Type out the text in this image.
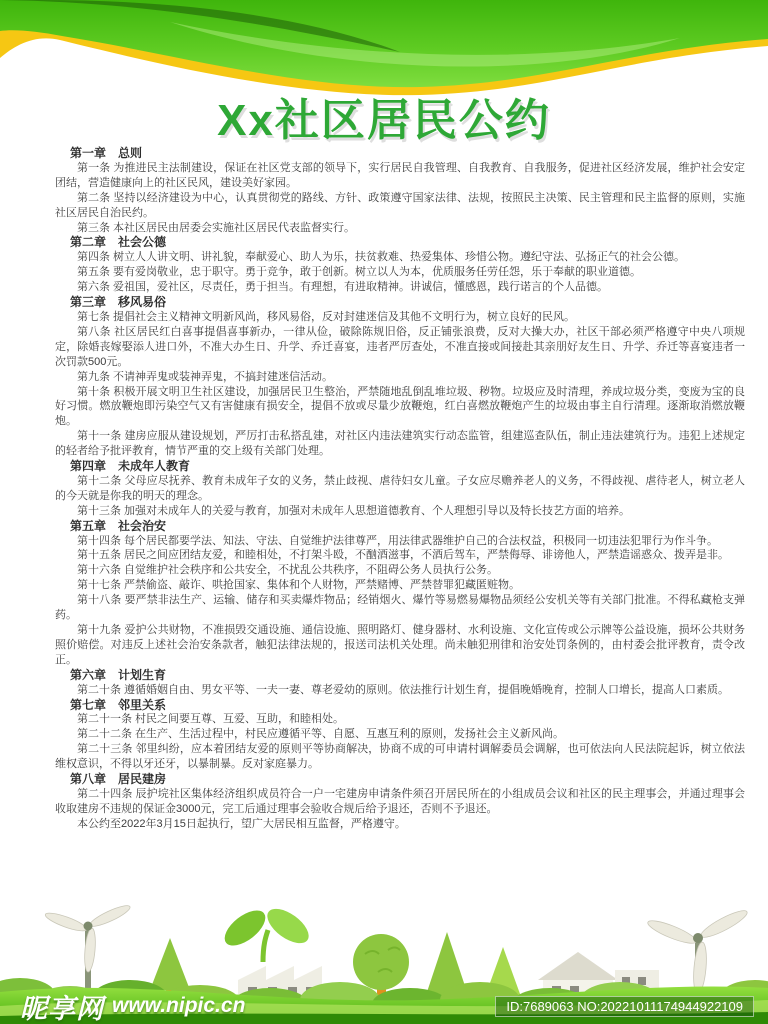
Xx社区居民公约
第一章　总则
第一条 为推进民主法制建设，保证在社区党支部的领导下，实行居民自我管理、自我教育、自我服务，促进社区经济发展，维护社会安定团结，营造健康向上的社区民风，建设美好家园。
第二条 坚持以经济建设为中心，认真贯彻党的路线、方针、政策遵守国家法律、法规，按照民主决策、民主管理和民主监督的原则，实施社区居民自治民约。
第三条 本社区居民由居委会实施社区居民代表监督实行。
第二章　社会公德
第四条 树立人人讲文明、讲礼貌，奉献爱心、助人为乐，扶贫救难、热爱集体、珍惜公物。遵纪守法、弘扬正气的社会公德。
第五条 要有爱岗敬业，忠于职守。勇于竞争，敢于创新。树立以人为本，优质服务任劳任怨，乐于奉献的职业道德。
第六条 爱祖国，爱社区，尽责任，勇于担当。有理想，有进取精神。讲诚信，懂感恩，践行诺言的个人品德。
第三章　移风易俗
第七条 提倡社会主义精神文明新风尚，移风易俗，反对封建迷信及其他不文明行为，树立良好的民风。
第八条 社区居民红白喜事提倡喜事新办，一律从俭，破除陈规旧俗，反正铺张浪费，反对大操大办，社区干部必须严格遵守中央八项规定，除婚丧嫁娶添人进口外，不准大办生日、升学、乔迁喜宴，违者严厉查处，不准直接或间接赴其亲朋好友生日、升学、乔迁等喜宴违者一次罚款500元。
第九条 不请神弄鬼或装神弄鬼，不搞封建迷信活动。
第十条 积极开展文明卫生社区建设，加强居民卫生整治，严禁随地乱倒乱堆垃圾、秽物。垃圾应及时清理，养成垃圾分类，变废为宝的良好习惯。燃放鞭炮即污染空气又有害健康有损安全，提倡不放或尽量少放鞭炮，红白喜燃放鞭炮产生的垃圾由事主自行清理。逐渐取消燃放鞭炮。
第十一条 建房应服从建设规划，严厉打击私搭乱建，对社区内违法建筑实行动态监管，组建巡查队伍，制止违法建筑行为。违犯上述规定的轻者给予批评教育，情节严重的交上级有关部门处理。
第四章　未成年人教育
第十二条 父母应尽抚养、教育未成年子女的义务，禁止歧视、虐待妇女儿童。子女应尽赡养老人的义务，不得歧视、虐待老人，树立老人的今天就是你我的明天的理念。
第十三条 加强对未成年人的关爱与教育，加强对未成年人思想道德教育、个人理想引导以及特长技艺方面的培养。
第五章　社会治安
第十四条 每个居民都要学法、知法、守法、自觉维护法律尊严，用法律武器维护自己的合法权益，积极同一切违法犯罪行为作斗争。
第十五条 居民之间应团结友爱，和睦相处，不打架斗殴，不酗酒滋事，不酒后驾车，严禁侮辱、诽谤他人，严禁造谣惑众、拨弄是非。
第十六条 自觉维护社会秩序和公共安全，不扰乱公共秩序，不阻碍公务人员执行公务。
第十七条 严禁偷盗、敲诈、哄抢国家、集体和个人财物，严禁赌博、严禁替罪犯藏匿赃物。
第十八条 要严禁非法生产、运输、储存和买卖爆炸物品；经销烟火、爆竹等易燃易爆物品须经公安机关等有关部门批准。不得私藏枪支弹药。
第十九条 爱护公共财物，不准损毁交通设施、通信设施、照明路灯、健身器材、水利设施、文化宣传或公示牌等公益设施，损坏公共财务照价赔偿。对违反上述社会治安条款者，触犯法律法规的，报送司法机关处理。尚未触犯刑律和治安处罚条例的，由村委会批评教育，责令改正。
第六章　计划生育
第二十条 遵循婚姻自由、男女平等、一夫一妻、尊老爱幼的原则。依法推行计划生育，提倡晚婚晚育，控制人口增长，提高人口素质。
第七章　邻里关系
第二十一条 村民之间要互尊、互爱、互助，和睦相处。
第二十二条 在生产、生活过程中，村民应遵循平等、自愿、互惠互利的原则，发扬社会主义新风尚。
第二十三条 邻里纠纷，应本着团结友爱的原则平等协商解决，协商不成的可申请村调解委员会调解，也可依法向人民法院起诉，树立依法维权意识，不得以牙还牙，以暴制暴。反对家庭暴力。
第八章　居民建房
第二十四条 辰护垸社区集体经济组织成员符合一户一宅建房申请条件须召开居民所在的小组成员会议和社区的民主理事会，并通过理事会收取建房不违规的保证金3000元，完工后通过理事会验收合规后给予退还，否则不予退还。
本公约至2022年3月15日起执行，望广大居民相互监督，严格遵守。
昵享网 www.nipic.cn	ID:7689063 NO:20221011174944922109
